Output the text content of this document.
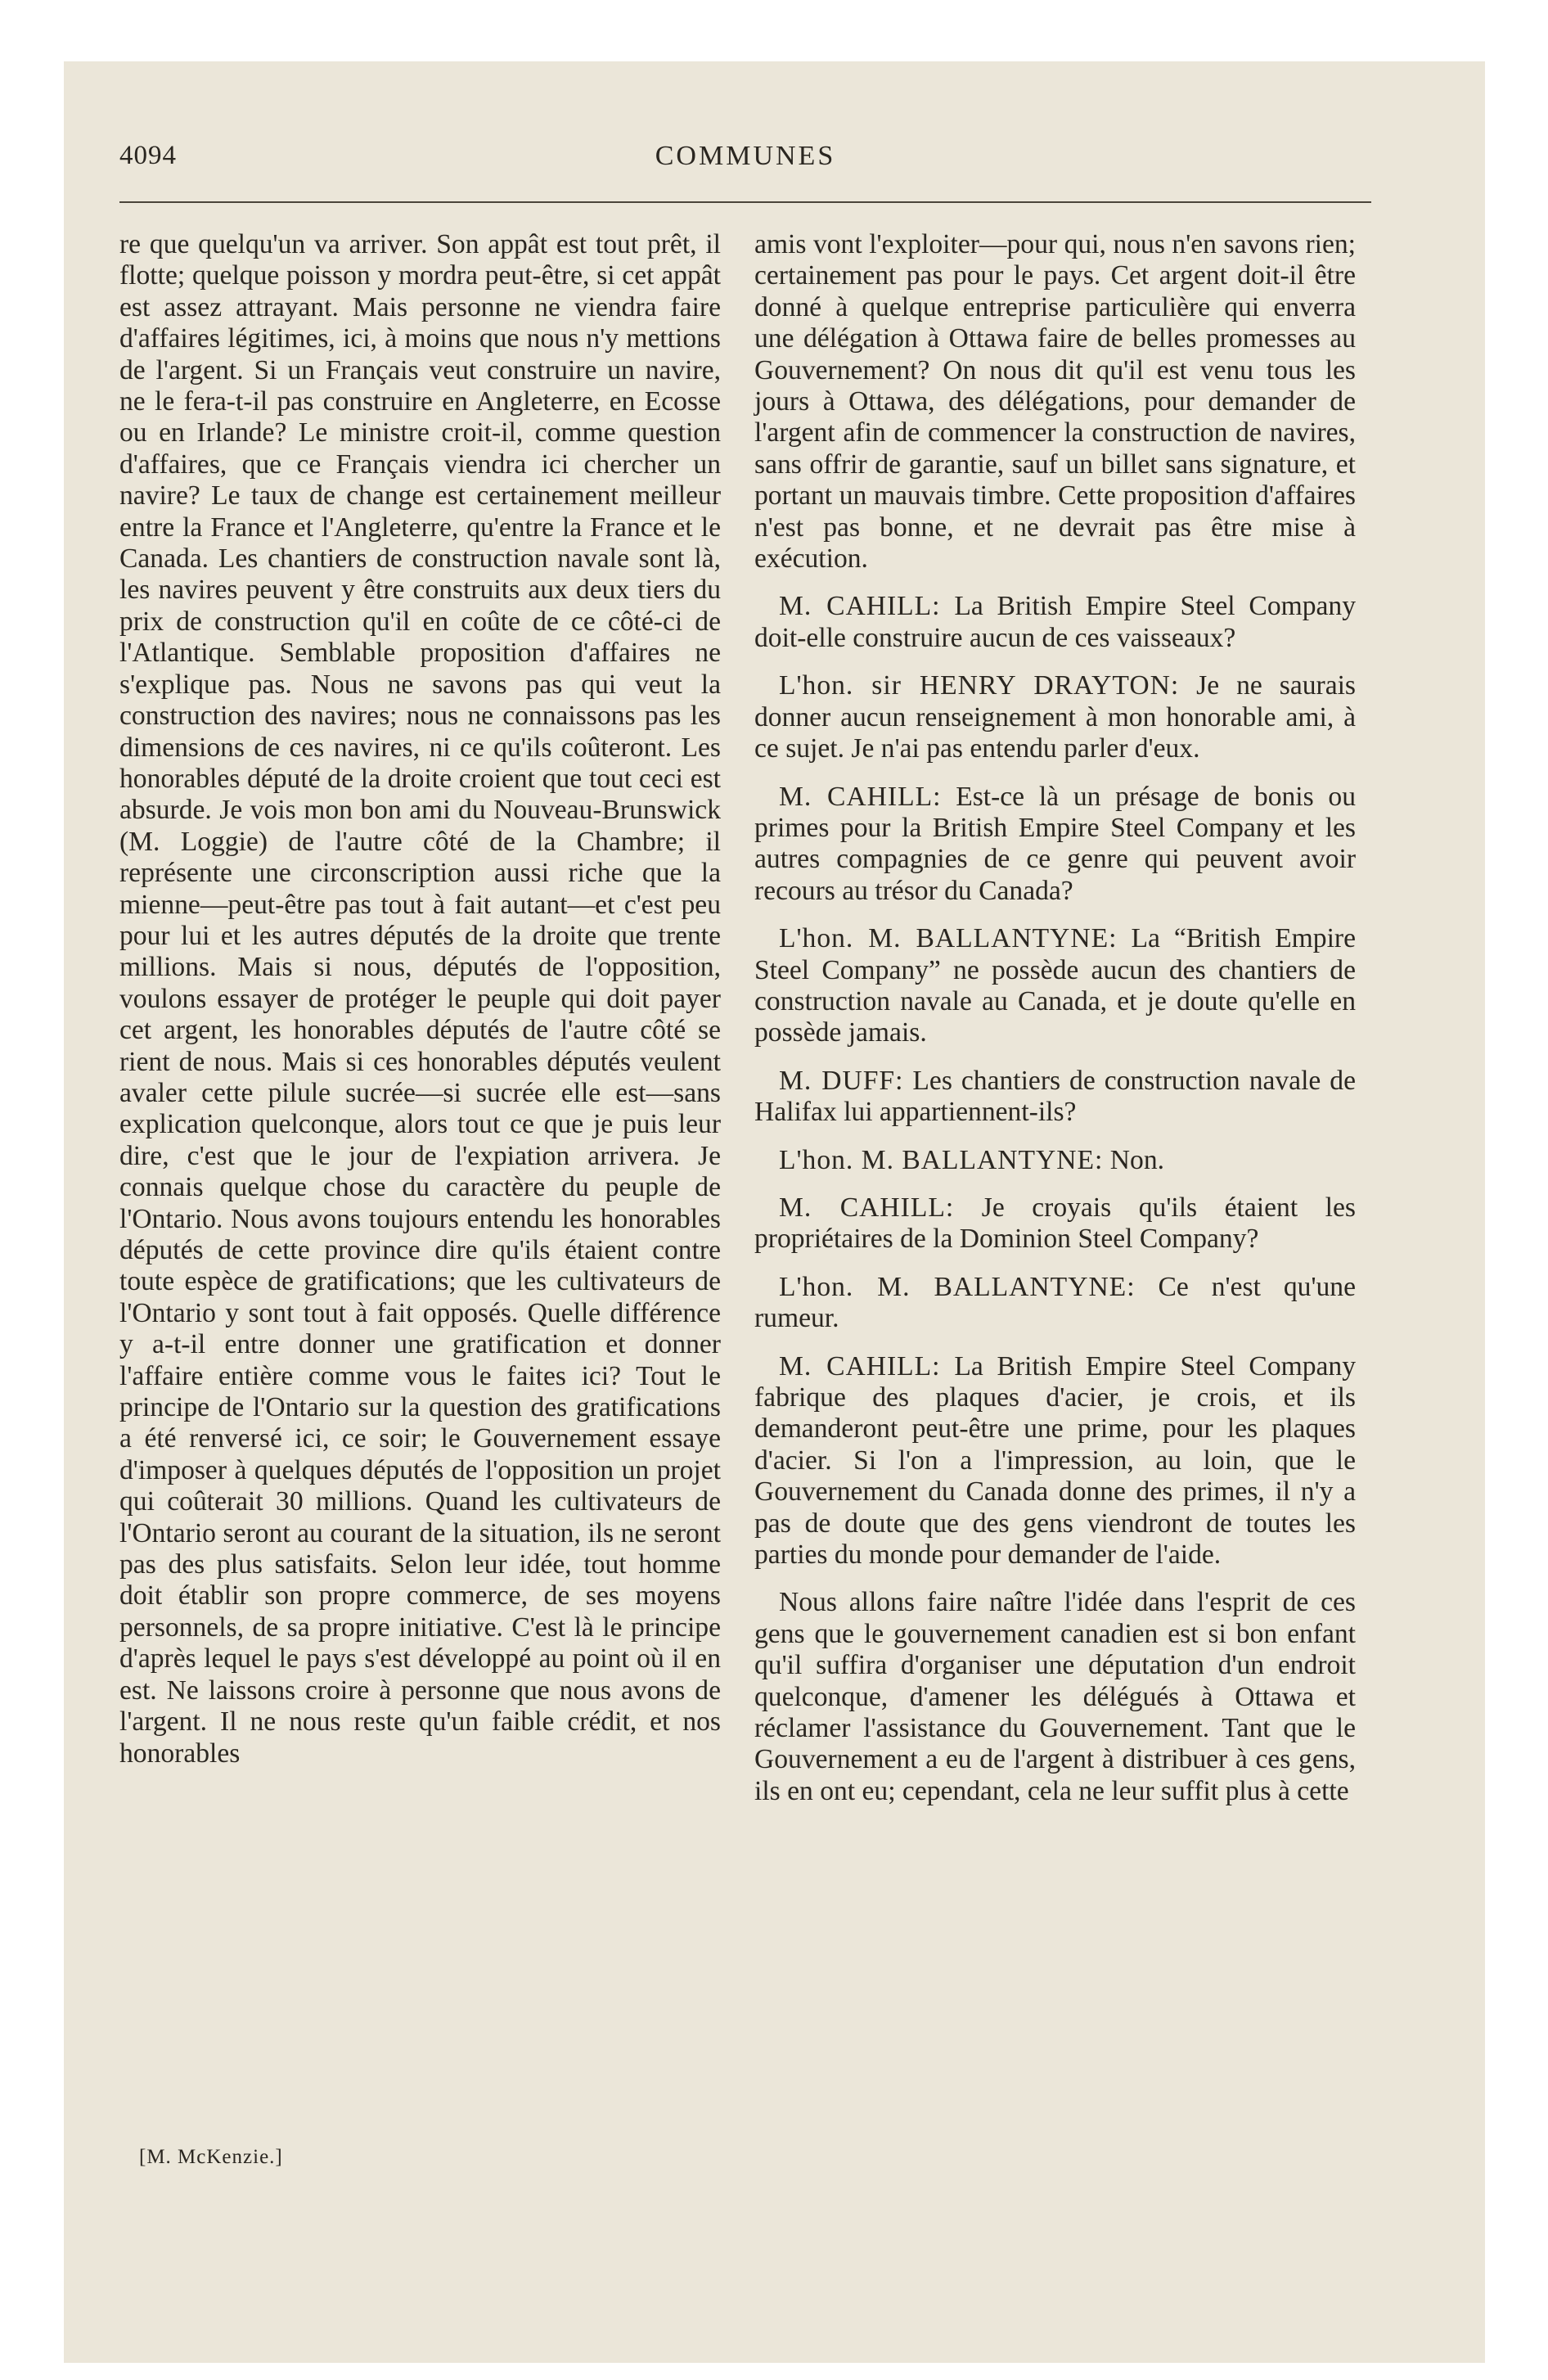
4094	COMMUNES

re que quelqu'un va arriver. Son appât est tout prêt, il flotte; quelque poisson y mordra peut-être, si cet appât est assez attrayant. Mais personne ne viendra faire d'affaires légitimes, ici, à moins que nous n'y mettions de l'argent. Si un Français veut construire un navire, ne le fera-t-il pas construire en Angleterre, en Ecosse ou en Irlande? Le ministre croit-il, comme question d'affaires, que ce Français viendra ici chercher un navire? Le taux de change est certainement meilleur entre la France et l'Angleterre, qu'entre la France et le Canada. Les chantiers de construction navale sont là, les navires peuvent y être construits aux deux tiers du prix de construction qu'il en coûte de ce côté-ci de l'Atlantique. Semblable proposition d'affaires ne s'explique pas. Nous ne savons pas qui veut la construction des navires; nous ne connaissons pas les dimensions de ces navires, ni ce qu'ils coûteront. Les honorables député de la droite croient que tout ceci est absurde. Je vois mon bon ami du Nouveau-Brunswick (M. Loggie) de l'autre côté de la Chambre; il représente une circonscription aussi riche que la mienne—peut-être pas tout à fait autant—et c'est peu pour lui et les autres députés de la droite que trente millions. Mais si nous, députés de l'opposition, voulons essayer de protéger le peuple qui doit payer cet argent, les honorables députés de l'autre côté se rient de nous. Mais si ces honorables députés veulent avaler cette pilule sucrée—si sucrée elle est—sans explication quelconque, alors tout ce que je puis leur dire, c'est que le jour de l'expiation arrivera. Je connais quelque chose du caractère du peuple de l'Ontario. Nous avons toujours entendu les honorables députés de cette province dire qu'ils étaient contre toute espèce de gratifications; que les cultivateurs de l'Ontario y sont tout à fait opposés. Quelle différence y a-t-il entre donner une gratification et donner l'affaire entière comme vous le faites ici? Tout le principe de l'Ontario sur la question des gratifications a été renversé ici, ce soir; le Gouvernement essaye d'imposer à quelques députés de l'opposition un projet qui coûterait 30 millions. Quand les cultivateurs de l'Ontario seront au courant de la situation, ils ne seront pas des plus satisfaits. Selon leur idée, tout homme doit établir son propre commerce, de ses moyens personnels, de sa propre initiative. C'est là le principe d'après lequel le pays s'est développé au point où il en est. Ne laissons croire à personne que nous avons de l'argent. Il ne nous reste qu'un faible crédit, et nos honorables

amis vont l'exploiter—pour qui, nous n'en savons rien; certainement pas pour le pays. Cet argent doit-il être donné à quelque entreprise particulière qui enverra une délégation à Ottawa faire de belles promesses au Gouvernement? On nous dit qu'il est venu tous les jours à Ottawa, des délégations, pour demander de l'argent afin de commencer la construction de navires, sans offrir de garantie, sauf un billet sans signature, et portant un mauvais timbre. Cette proposition d'affaires n'est pas bonne, et ne devrait pas être mise à exécution.

M. CAHILL: La British Empire Steel Company doit-elle construire aucun de ces vaisseaux?

L'hon. sir HENRY DRAYTON: Je ne saurais donner aucun renseignement à mon honorable ami, à ce sujet. Je n'ai pas entendu parler d'eux.

M. CAHILL: Est-ce là un présage de bonis ou primes pour la British Empire Steel Company et les autres compagnies de ce genre qui peuvent avoir recours au trésor du Canada?

L'hon. M. BALLANTYNE: La “British Empire Steel Company” ne possède aucun des chantiers de construction navale au Canada, et je doute qu'elle en possède jamais.

M. DUFF: Les chantiers de construction navale de Halifax lui appartiennent-ils?

L'hon. M. BALLANTYNE: Non.

M. CAHILL: Je croyais qu'ils étaient les propriétaires de la Dominion Steel Company?

L'hon. M. BALLANTYNE: Ce n'est qu'une rumeur.

M. CAHILL: La British Empire Steel Company fabrique des plaques d'acier, je crois, et ils demanderont peut-être une prime, pour les plaques d'acier. Si l'on a l'impression, au loin, que le Gouvernement du Canada donne des primes, il n'y a pas de doute que des gens viendront de toutes les parties du monde pour demander de l'aide.

Nous allons faire naître l'idée dans l'esprit de ces gens que le gouvernement canadien est si bon enfant qu'il suffira d'organiser une députation d'un endroit quelconque, d'amener les délégués à Ottawa et réclamer l'assistance du Gouvernement. Tant que le Gouvernement a eu de l'argent à distribuer à ces gens, ils en ont eu; cependant, cela ne leur suffit plus à cette

[M. McKenzie.]
